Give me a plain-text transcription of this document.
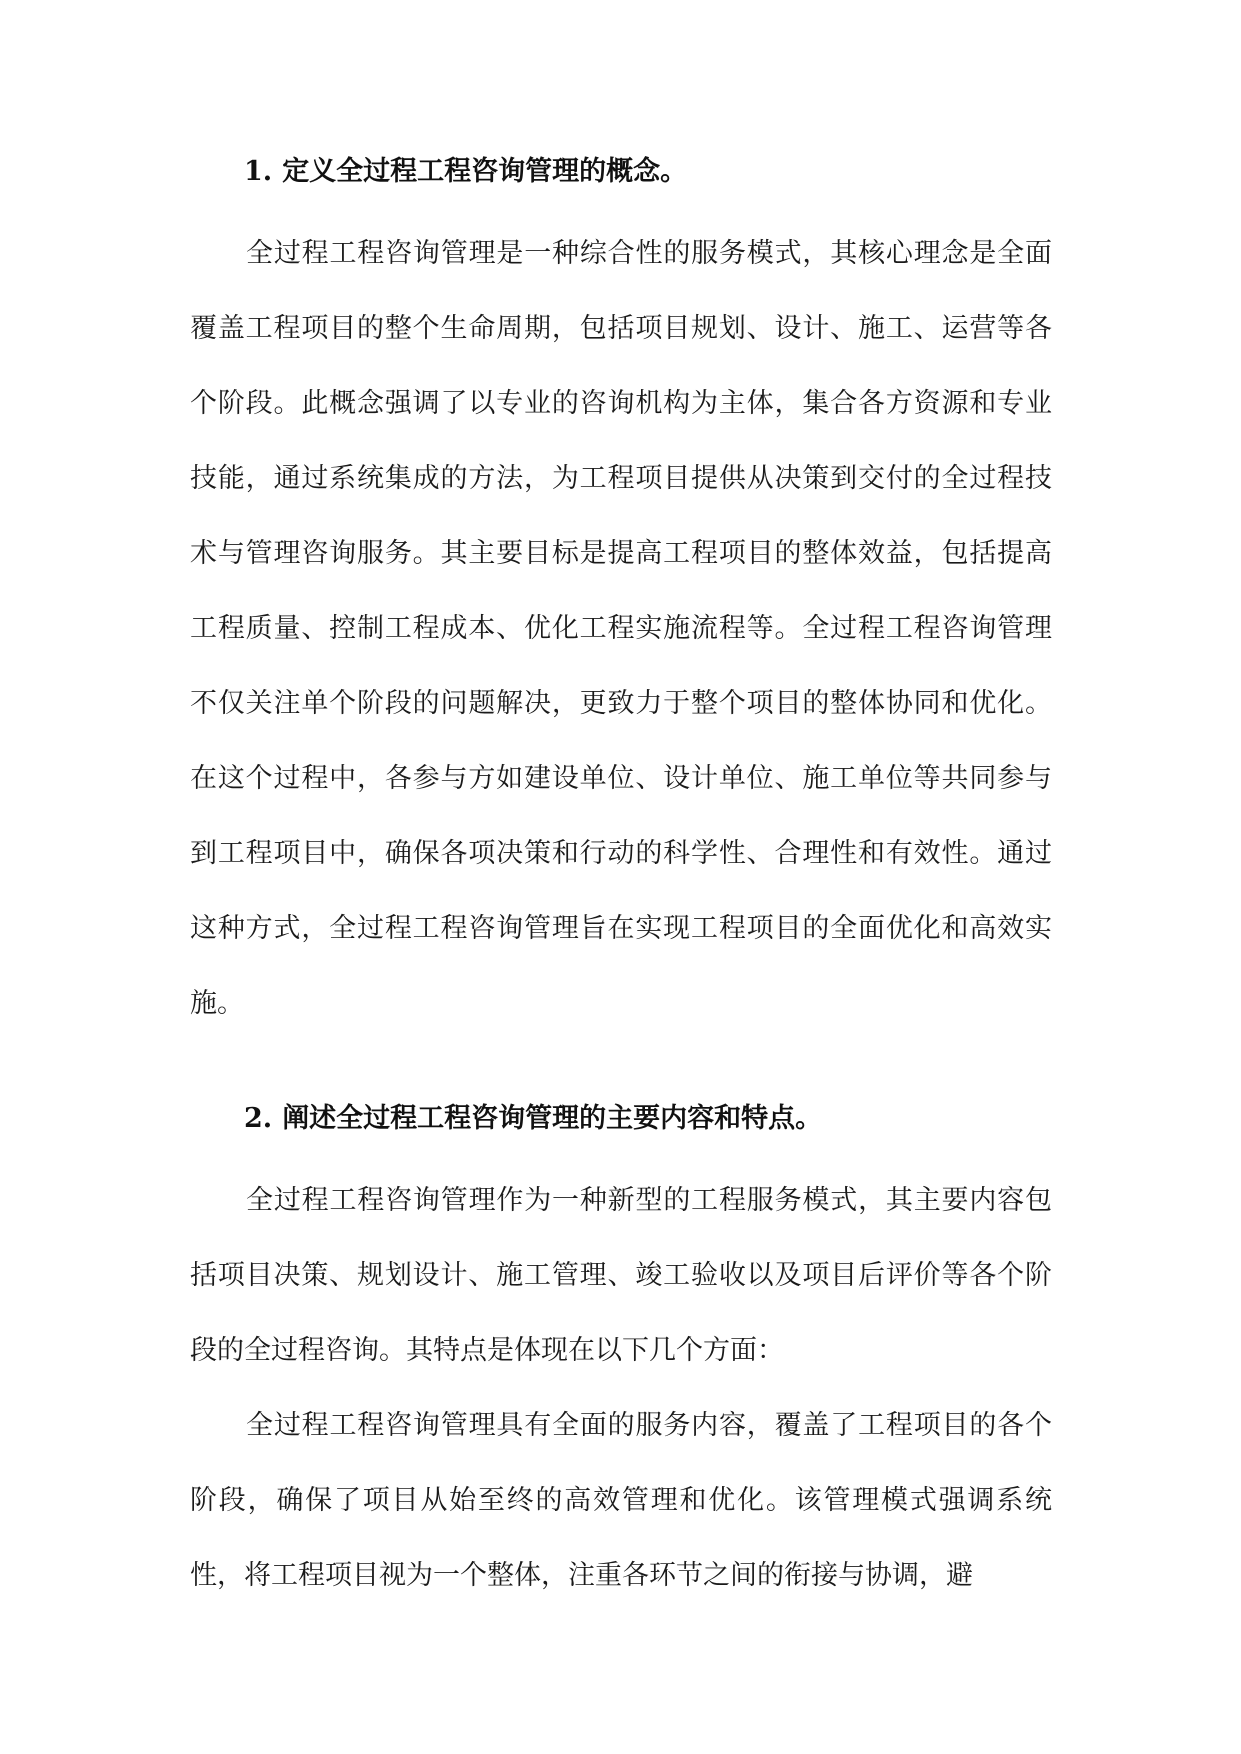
1. 定义全过程工程咨询管理的概念。

全过程工程咨询管理是一种综合性的服务模式，其核心理念是全面覆盖工程项目的整个生命周期，包括项目规划、设计、施工、运营等各个阶段。此概念强调了以专业的咨询机构为主体，集合各方资源和专业技能，通过系统集成的方法，为工程项目提供从决策到交付的全过程技术与管理咨询服务。其主要目标是提高工程项目的整体效益，包括提高工程质量、控制工程成本、优化工程实施流程等。全过程工程咨询管理不仅关注单个阶段的问题解决，更致力于整个项目的整体协同和优化。在这个过程中，各参与方如建设单位、设计单位、施工单位等共同参与到工程项目中，确保各项决策和行动的科学性、合理性和有效性。通过这种方式，全过程工程咨询管理旨在实现工程项目的全面优化和高效实施。

2. 阐述全过程工程咨询管理的主要内容和特点。

全过程工程咨询管理作为一种新型的工程服务模式，其主要内容包括项目决策、规划设计、施工管理、竣工验收以及项目后评价等各个阶段的全过程咨询。其特点是体现在以下几个方面：

全过程工程咨询管理具有全面的服务内容，覆盖了工程项目的各个阶段，确保了项目从始至终的高效管理和优化。该管理模式强调系统性，将工程项目视为一个整体，注重各环节之间的衔接与协调，避
